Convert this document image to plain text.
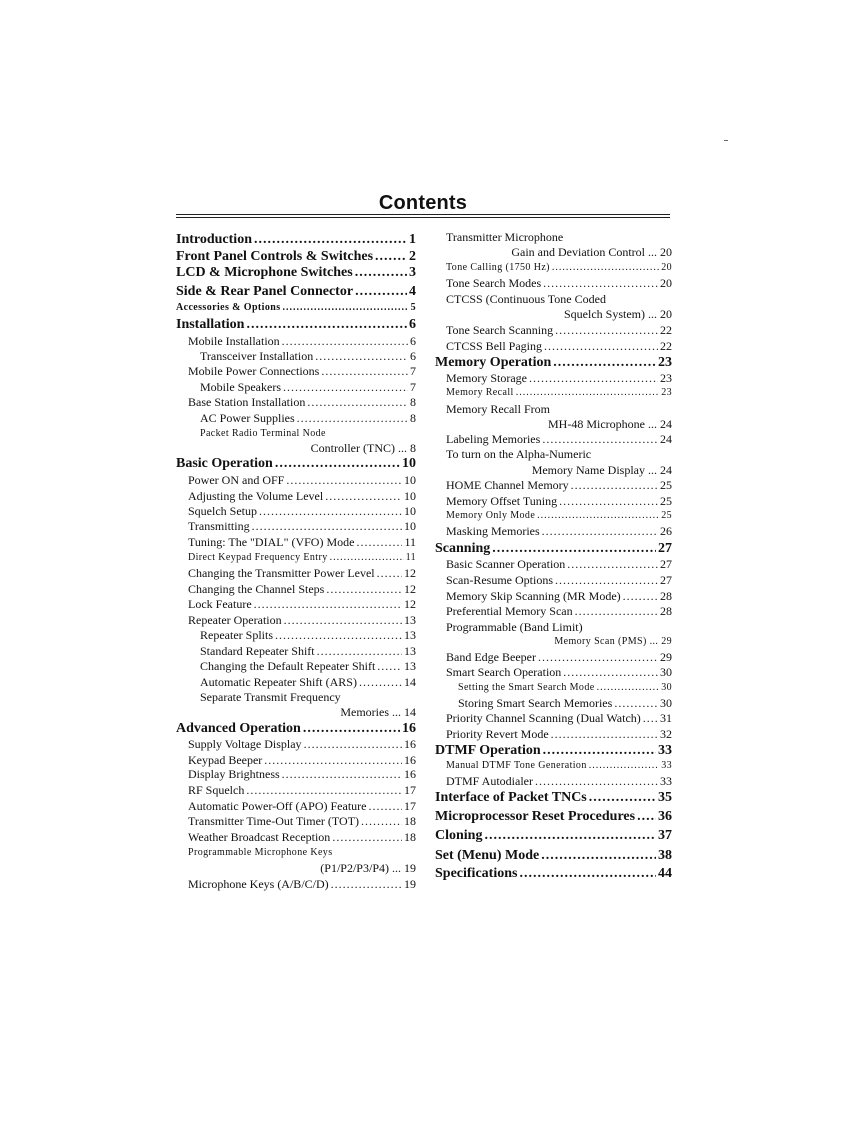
Contents
Introduction .....	1
Front Panel Controls & Switches .....	2
LCD & Microphone Switches .....	3
Side & Rear Panel Connector .....	4
Accessories & Options .....	5
Installation .....	6
Mobile Installation .....	6
Transceiver Installation .....	6
Mobile Power Connections .....	7
Mobile Speakers .....	7
Base Station Installation .....	8
AC Power Supplies .....	8
Packet Radio Terminal Node
Controller (TNC) ... 8
Basic Operation .....	10
Power ON and OFF .....	10
Adjusting the Volume Level .....	10
Squelch Setup .....	10
Transmitting .....	10
Tuning: The "DIAL" (VFO) Mode .....	11
Direct Keypad Frequency Entry .....	11
Changing the Transmitter Power Level ..... 12
Changing the Channel Steps .....	12
Lock Feature .....	12
Repeater Operation .....	13
Repeater Splits .....	13
Standard Repeater Shift .....	13
Changing the Default Repeater Shift ..... 13
Automatic Repeater Shift (ARS) .....	14
Separate Transmit Frequency
Memories ... 14
Advanced Operation .....	16
Supply Voltage Display .....	16
Keypad Beeper .....	16
Display Brightness .....	16
RF Squelch .....	17
Automatic Power-Off (APO) Feature .....	17
Transmitter Time-Out Timer (TOT) .....	18
Weather Broadcast Reception .....	18
Programmable Microphone Keys
(P1/P2/P3/P4) ... 19
Microphone Keys (A/B/C/D) .....	19
Transmitter Microphone
Gain and Deviation Control ... 20
Tone Calling (1750 Hz) .....	20
Tone Search Modes .....	20
CTCSS (Continuous Tone Coded
Squelch System) ... 20
Tone Search Scanning .....	22
CTCSS Bell Paging .....	22
Memory Operation .....	23
Memory Storage .....	23
Memory Recall .....	23
Memory Recall From
MH-48 Microphone ... 24
Labeling Memories .....	24
To turn on the Alpha-Numeric
Memory Name Display ... 24
HOME Channel Memory .....	25
Memory Offset Tuning .....	25
Memory Only Mode .....	25
Masking Memories .....	26
Scanning .....	27
Basic Scanner Operation .....	27
Scan-Resume Options .....	27
Memory Skip Scanning (MR Mode) .....	28
Preferential Memory Scan .....	28
Programmable (Band Limit)
Memory Scan (PMS) ... 29
Band Edge Beeper .....	29
Smart Search Operation .....	30
Setting the Smart Search Mode .....	30
Storing Smart Search Memories .....	30
Priority Channel Scanning (Dual Watch) ..... 31
Priority Revert Mode .....	32
DTMF Operation .....	33
Manual DTMF Tone Generation .....	33
DTMF Autodialer .....	33
Interface of Packet TNCs .....	35
Microprocessor Reset Procedures ..... 36
Cloning .....	37
Set (Menu) Mode .....	38
Specifications .....	44
